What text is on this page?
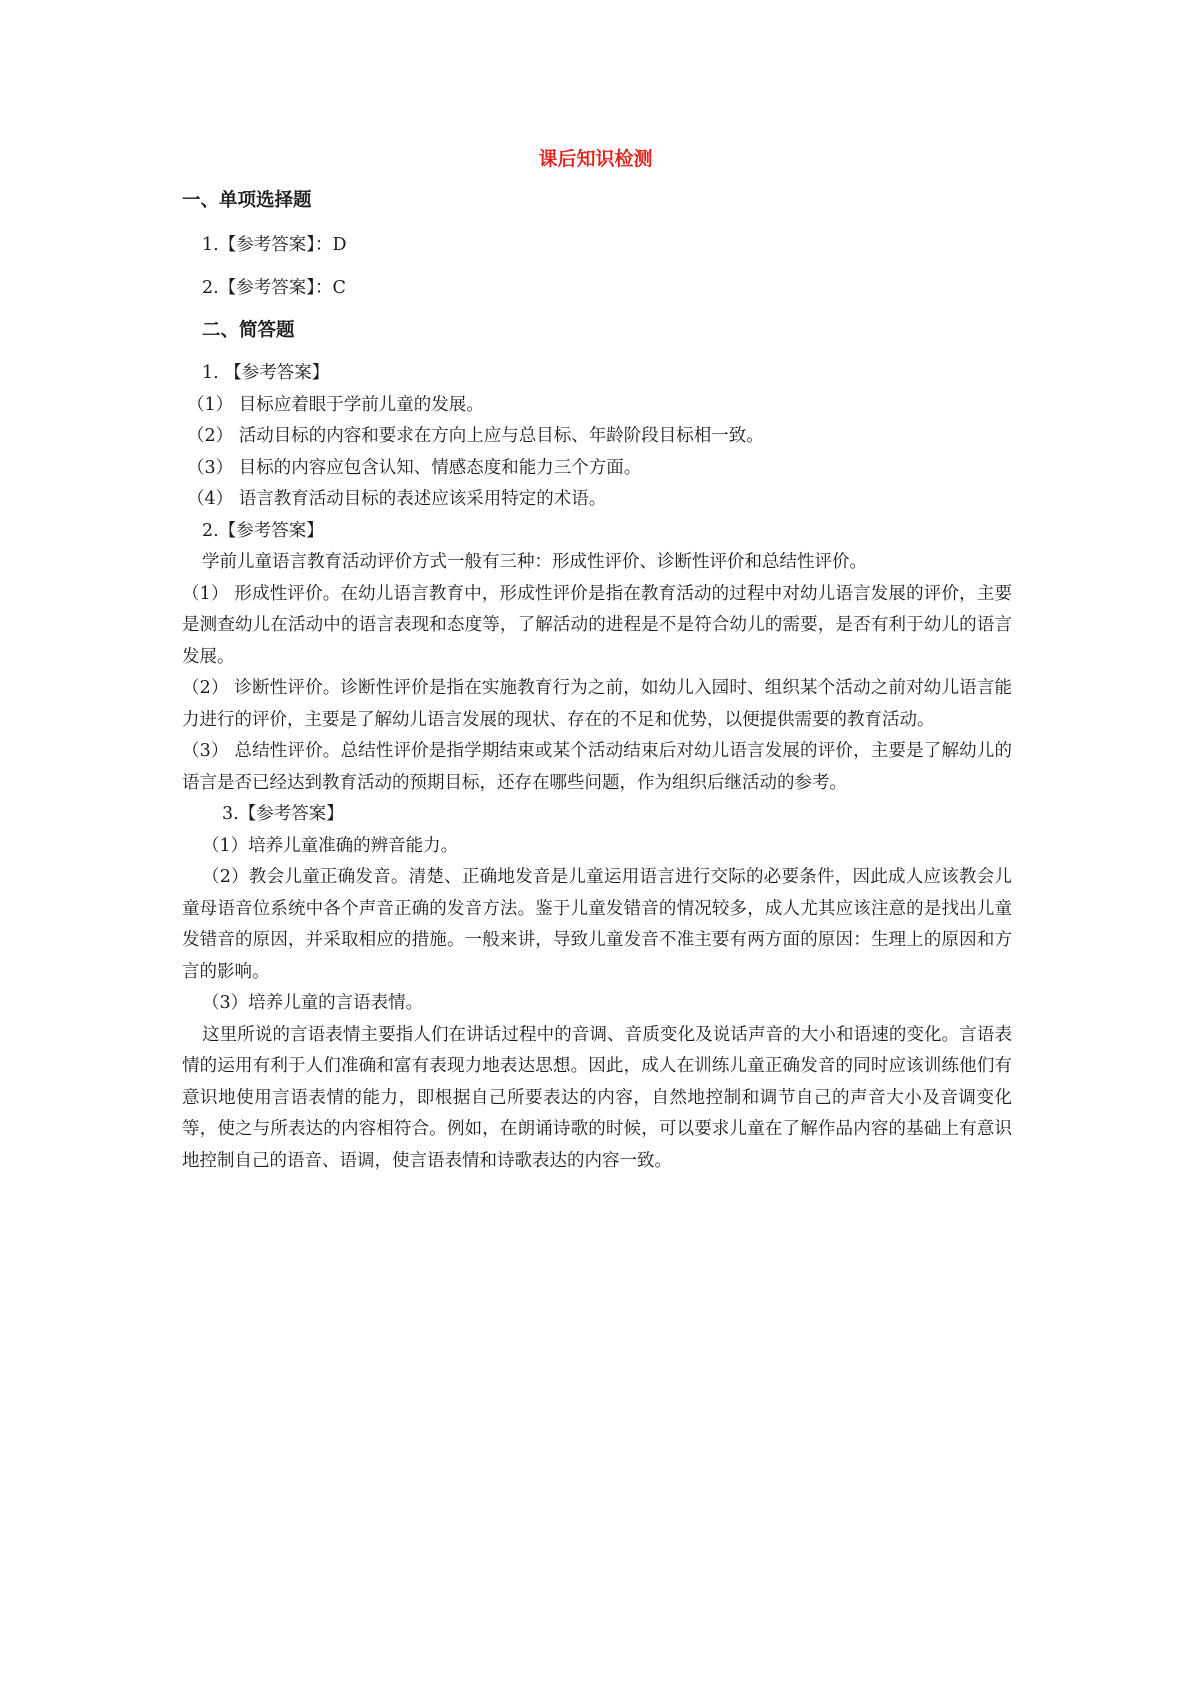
课后知识检测
一、单项选择题
1.【参考答案】：D
2.【参考答案】：C
二、简答题
1. 【参考答案】
（1） 目标应着眼于学前儿童的发展。
（2） 活动目标的内容和要求在方向上应与总目标、年龄阶段目标相一致。
（3） 目标的内容应包含认知、情感态度和能力三个方面。
（4） 语言教育活动目标的表述应该采用特定的术语。
2.【参考答案】
学前儿童语言教育活动评价方式一般有三种：形成性评价、诊断性评价和总结性评价。
（1） 形成性评价。在幼儿语言教育中，形成性评价是指在教育活动的过程中对幼儿语言发展的评价，主要是测查幼儿在活动中的语言表现和态度等，了解活动的进程是不是符合幼儿的需要，是否有利于幼儿的语言发展。
（2） 诊断性评价。诊断性评价是指在实施教育行为之前，如幼儿入园时、组织某个活动之前对幼儿语言能力进行的评价，主要是了解幼儿语言发展的现状、存在的不足和优势，以便提供需要的教育活动。
（3） 总结性评价。总结性评价是指学期结束或某个活动结束后对幼儿语言发展的评价，主要是了解幼儿的语言是否已经达到教育活动的预期目标，还存在哪些问题，作为组织后继活动的参考。
3.【参考答案】
（1）培养儿童准确的辨音能力。
（2）教会儿童正确发音。清楚、正确地发音是儿童运用语言进行交际的必要条件，因此成人应该教会儿童母语音位系统中各个声音正确的发音方法。鉴于儿童发错音的情况较多，成人尤其应该注意的是找出儿童发错音的原因，并采取相应的措施。一般来讲，导致儿童发音不准主要有两方面的原因：生理上的原因和方言的影响。
（3）培养儿童的言语表情。
这里所说的言语表情主要指人们在讲话过程中的音调、音质变化及说话声音的大小和语速的变化。言语表情的运用有利于人们准确和富有表现力地表达思想。因此，成人在训练儿童正确发音的同时应该训练他们有意识地使用言语表情的能力，即根据自己所要表达的内容，自然地控制和调节自己的声音大小及音调变化等，使之与所表达的内容相符合。例如，在朗诵诗歌的时候，可以要求儿童在了解作品内容的基础上有意识地控制自己的语音、语调，使言语表情和诗歌表达的内容一致。
